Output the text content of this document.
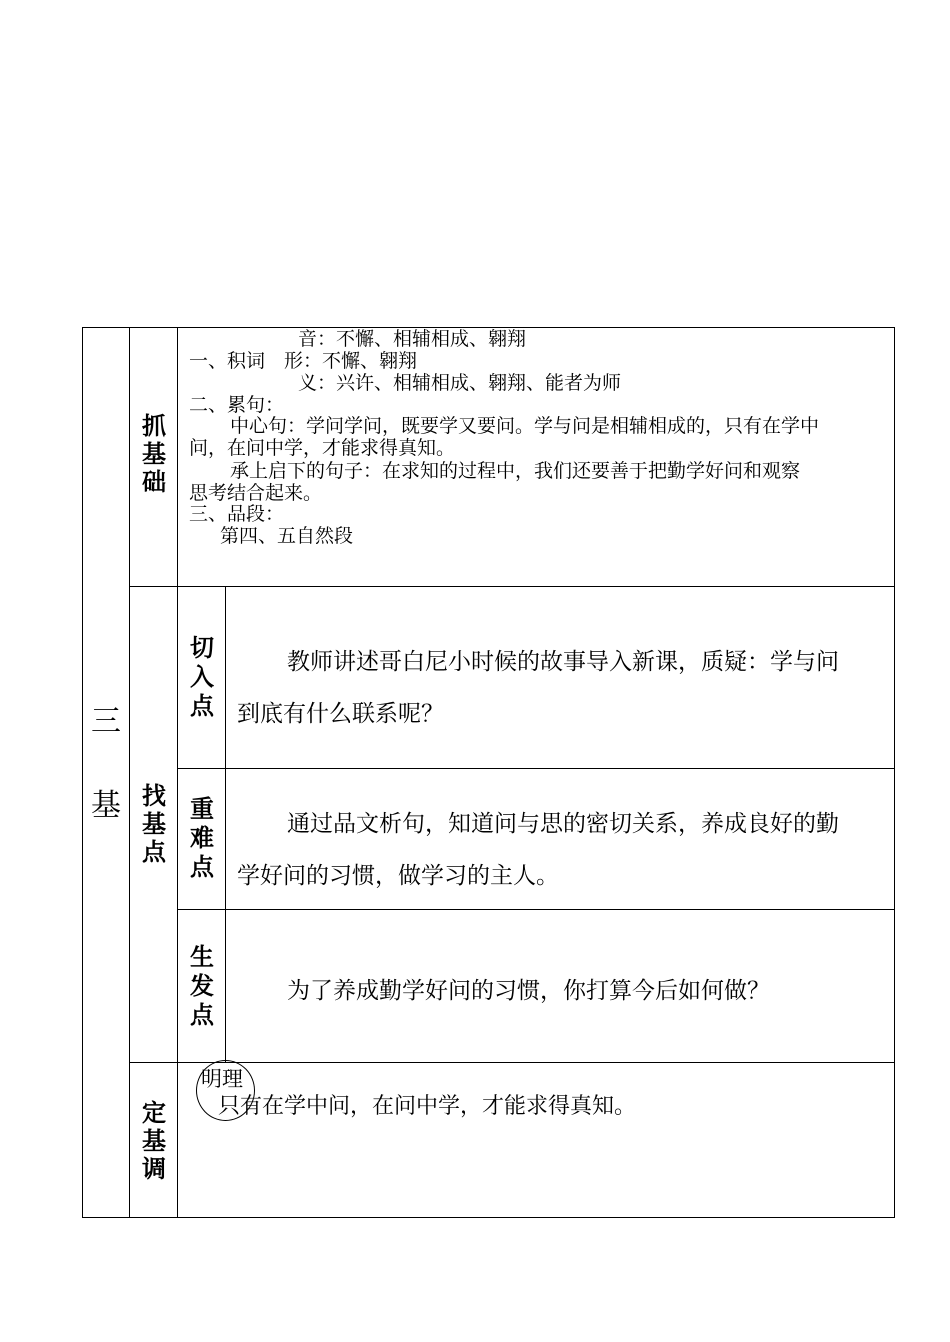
三
基
抓
基
础
音：不懈、相辅相成、翱翔
一、积词　形：不懈、翱翔
义：兴许、相辅相成、翱翔、能者为师
二、累句：
中心句：学问学问，既要学又要问。学与问是相辅相成的，只有在学中
问，在问中学，才能求得真知。
承上启下的句子：在求知的过程中，我们还要善于把勤学好问和观察
思考结合起来。
三、品段：
第四、五自然段
找
基
点
切
入
点
教师讲述哥白尼小时候的故事导入新课，质疑：学与问
到底有什么联系呢？
重
难
点
通过品文析句，知道问与思的密切关系，养成良好的勤
学好问的习惯，做学习的主人。
生
发
点
为了养成勤学好问的习惯，你打算今后如何做？
定
基
调
明理
只有在学中问，在问中学，才能求得真知。
